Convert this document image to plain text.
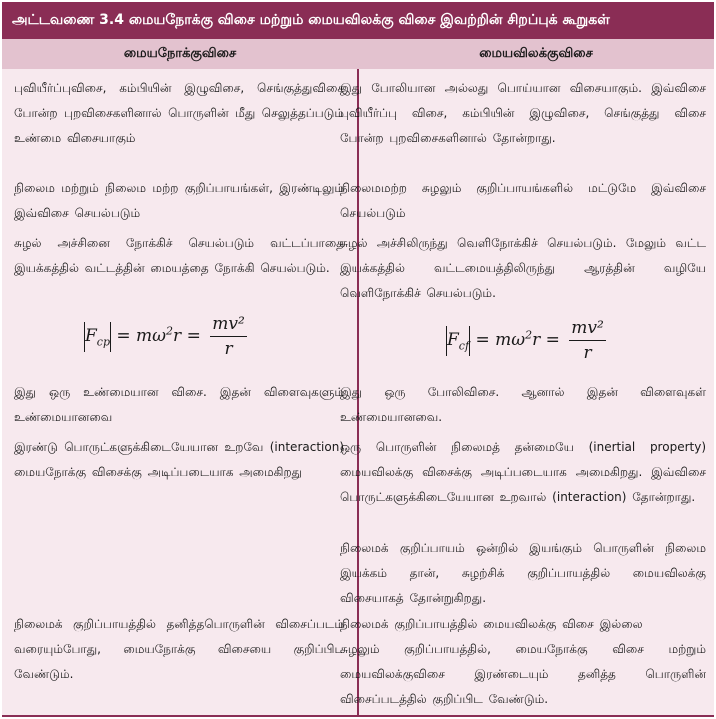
அட்டவணை 3.4 மையநோக்கு விசை மற்றும் மையவிலக்கு விசை இவற்றின் சிறப்புக் கூறுகள்
மையநோக்குவிசை	மையவிலக்குவிசை
புவியீர்ப்புவிசை, கம்பியின் இழுவிசை, செங்குத்துவிசை போன்ற புறவிசைகளினால் பொருளின் மீது செலுத்தப்படும் உண்மை விசையாகும்
இது போலியான அல்லது பொய்யான விசையாகும். இவ்விசை புவியீர்ப்பு விசை, கம்பியின் இழுவிசை, செங்குத்து விசை போன்ற புறவிசைகளினால் தோன்றாது.
நிலைம மற்றும் நிலைம மற்ற குறிப்பாயங்கள், இரண்டிலும் இவ்விசை செயல்படும்
நிலைமமற்ற சுழலும் குறிப்பாயங்களில் மட்டுமே இவ்விசை செயல்படும்
சுழல் அச்சினை நோக்கிச் செயல்படும் வட்டப்பாதை இயக்கத்தில் வட்டத்தின் மையத்தை நோக்கி செயல்படும்.
சுழல் அச்சிலிருந்து வெளிநோக்கிச் செயல்படும். மேலும் வட்ட இயக்கத்தில் வட்டமையத்திலிருந்து ஆரத்தின் வழியே வெளிநோக்கிச் செயல்படும்.
$F_{cp} = m\omega^2r = \frac{\text{mv²}}{r}$	$F_{cf} = m\omega^2r = \frac{\text{mv²}}{r}$
இது ஒரு உண்மையான விசை. இதன் விளைவுகளும் உண்மையானவை
இது ஒரு போலிவிசை. ஆனால் இதன் விளைவுகள் உண்மையானவை.
இரண்டு பொருட்களுக்கிடையேயான உறவே (interaction) மையநோக்கு விசைக்கு அடிப்படையாக அமைகிறது
ஒரு பொருளின் நிலைமத் தன்மையே (inertial property) மையவிலக்கு விசைக்கு அடிப்படையாக அமைகிறது. இவ்விசை பொருட்களுக்கிடையேயான உறவால் (interaction) தோன்றாது.
நிலைமக் குறிப்பாயம் ஒன்றில் இயங்கும் பொருளின் நிலைம இயக்கம் தான், சுழற்சிக் குறிப்பாயத்தில் மையவிலக்கு விசையாகத் தோன்றுகிறது.
நிலைமக் குறிப்பாயத்தில் தனித்தபொருளின் விசைப்படம் வரையும்போது, மையநோக்கு விசையை குறிப்பிட வேண்டும்.
நிலைமக் குறிப்பாயத்தில் மையவிலக்கு விசை இல்லை
சுழலும் குறிப்பாயத்தில், மையநோக்கு விசை மற்றும் மையவிலக்குவிசை இரண்டையும் தனித்த பொருளின் விசைப்படத்தில் குறிப்பிட வேண்டும்.
